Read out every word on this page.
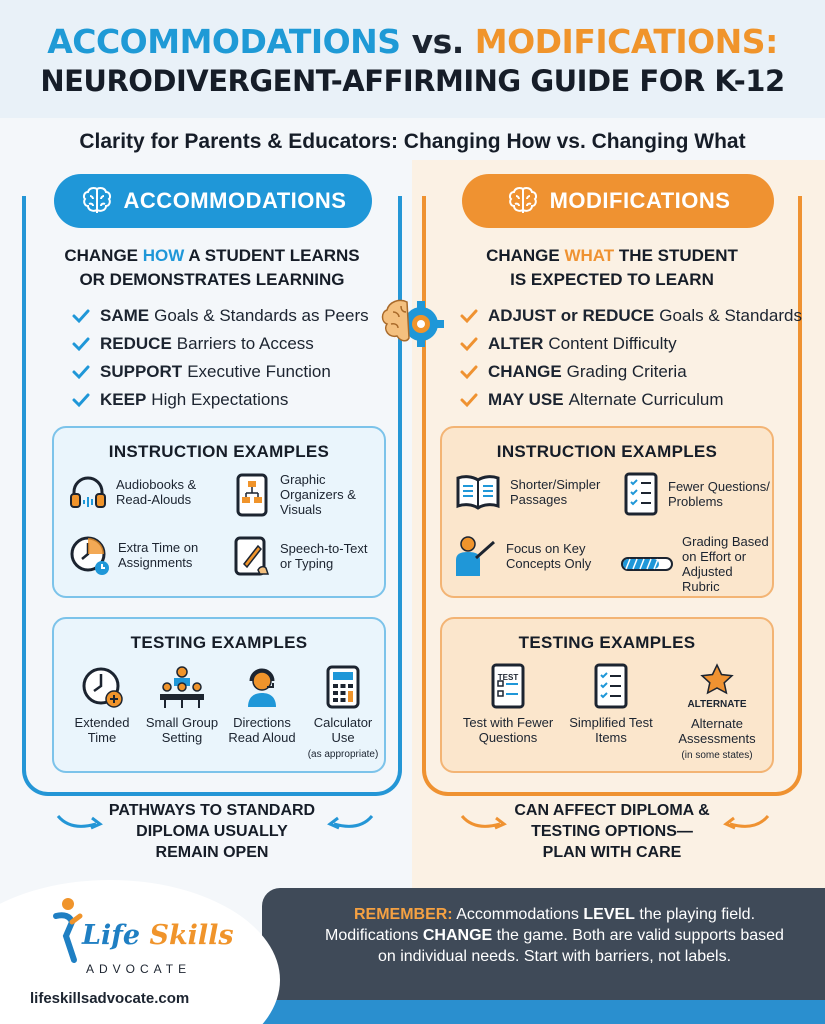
ACCOMMODATIONS vs. MODIFICATIONS:
NEURODIVERGENT-AFFIRMING GUIDE FOR K-12
Clarity for Parents & Educators: Changing How vs. Changing What
ACCOMMODATIONS	MODIFICATIONS
CHANGE HOW A STUDENT LEARNS
OR DEMONSTRATES LEARNING
CHANGE WHAT THE STUDENT
IS EXPECTED TO LEARN
SAME Goals & Standards as Peers
REDUCE Barriers to Access
SUPPORT Executive Function
KEEP High Expectations
ADJUST or REDUCE Goals & Standards
ALTER Content Difficulty
CHANGE Grading Criteria
MAY USE Alternate Curriculum
INSTRUCTION EXAMPLES
Audiobooks & Read-Alouds
Graphic Organizers & Visuals
Extra Time on Assignments
Speech-to-Text or Typing
TESTING EXAMPLES
Extended Time
Small Group Setting
Directions Read Aloud
Calculator Use
(as appropriate)
INSTRUCTION EXAMPLES
Shorter/Simpler Passages
Fewer Questions/ Problems
Focus on Key Concepts Only
Grading Based on Effort or Adjusted Rubric
TESTING EXAMPLES
TEST
Test with Fewer Questions
Simplified Test Items
ALTERNATE
Alternate Assessments
(in some states)
PATHWAYS TO STANDARD
DIPLOMA USUALLY
REMAIN OPEN
CAN AFFECT DIPLOMA &
TESTING OPTIONS—
PLAN WITH CARE
REMEMBER: Accommodations LEVEL the playing field.
Modifications CHANGE the game. Both are valid supports based
on individual needs. Start with barriers, not labels.
Life Skills
ADVOCATE
lifeskillsadvocate.com
